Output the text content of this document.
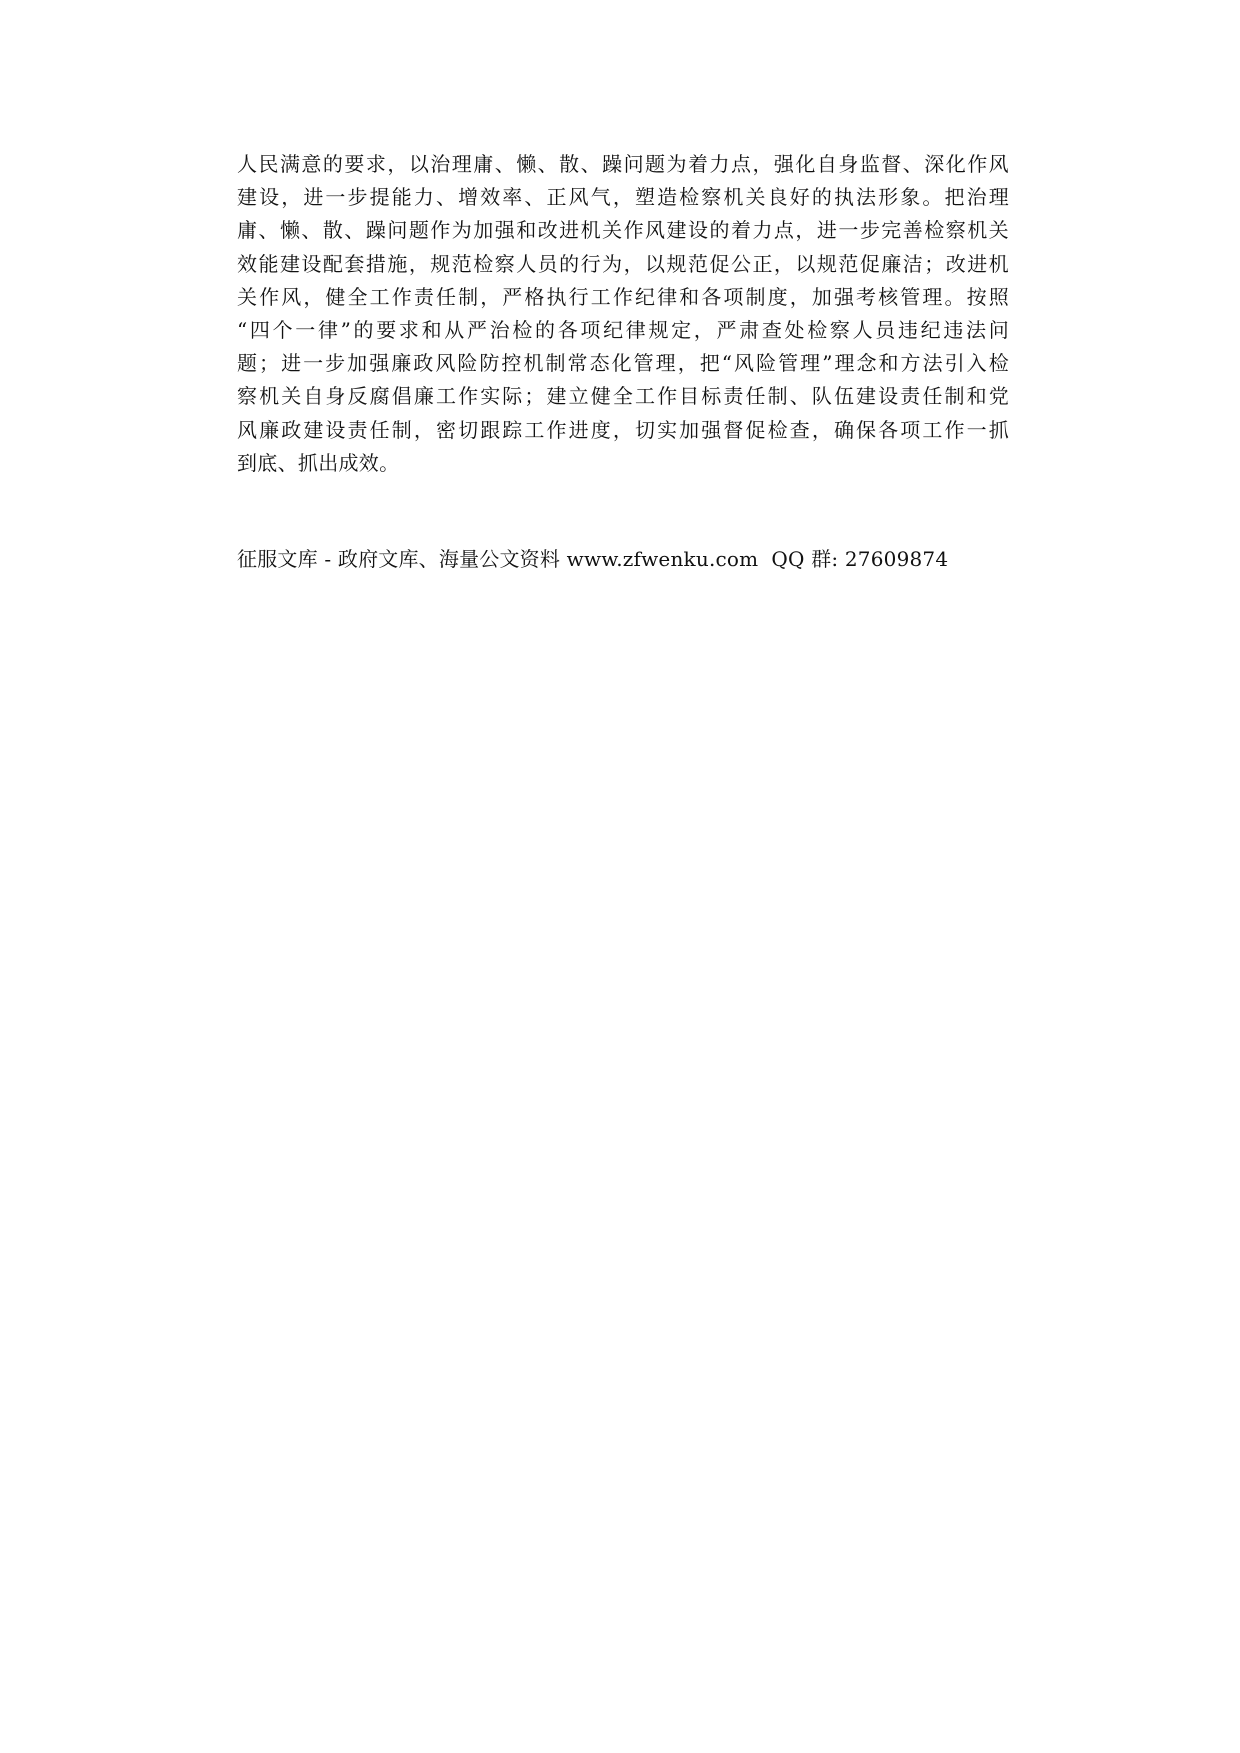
人民满意的要求，以治理庸、懒、散、躁问题为着力点，强化自身监督、深化作风
建设，进一步提能力、增效率、正风气，塑造检察机关良好的执法形象。把治理
庸、懒、散、躁问题作为加强和改进机关作风建设的着力点，进一步完善检察机关
效能建设配套措施，规范检察人员的行为，以规范促公正，以规范促廉洁；改进机
关作风，健全工作责任制，严格执行工作纪律和各项制度，加强考核管理。按照
“四个一律”的要求和从严治检的各项纪律规定，严肃查处检察人员违纪违法问
题；进一步加强廉政风险防控机制常态化管理，把“风险管理”理念和方法引入检
察机关自身反腐倡廉工作实际；建立健全工作目标责任制、队伍建设责任制和党
风廉政建设责任制，密切跟踪工作进度，切实加强督促检查，确保各项工作一抓
到底、抓出成效。
征服文库 - 政府文库、海量公文资料 www.zfwenku.com  QQ 群: 27609874
